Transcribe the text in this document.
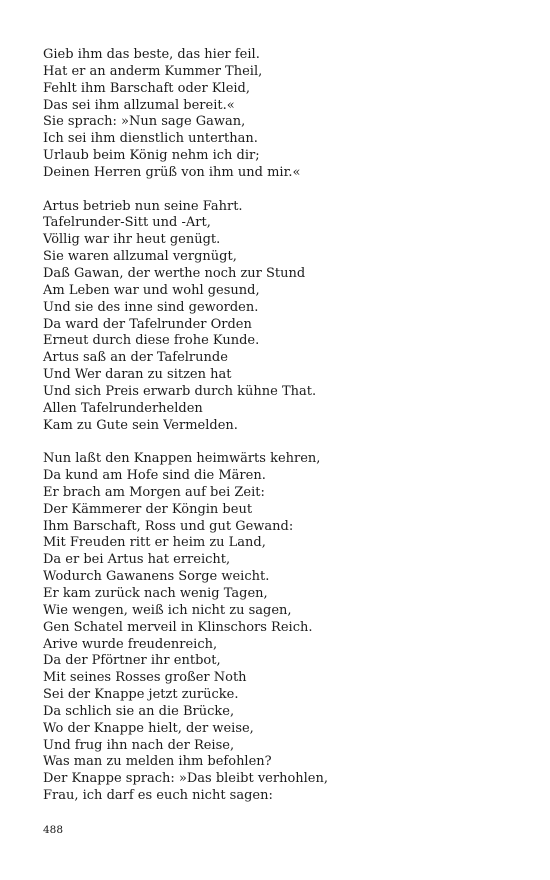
Gieb ihm das beste, das hier feil.
Hat er an anderm Kummer Theil,
Fehlt ihm Barschaft oder Kleid,
Das sei ihm allzumal bereit.«
Sie sprach: »Nun sage Gawan,
Ich sei ihm dienstlich unterthan.
Urlaub beim König nehm ich dir;
Deinen Herren grüß von ihm und mir.«
Artus betrieb nun seine Fahrt.
Tafelrunder-Sitt und -Art,
Völlig war ihr heut genügt.
Sie waren allzumal vergnügt,
Daß Gawan, der werthe noch zur Stund
Am Leben war und wohl gesund,
Und sie des inne sind geworden.
Da ward der Tafelrunder Orden
Erneut durch diese frohe Kunde.
Artus saß an der Tafelrunde
Und Wer daran zu sitzen hat
Und sich Preis erwarb durch kühne That.
Allen Tafelrunderhelden
Kam zu Gute sein Vermelden.
Nun laßt den Knappen heimwärts kehren,
Da kund am Hofe sind die Mären.
Er brach am Morgen auf bei Zeit:
Der Kämmerer der Köngin beut
Ihm Barschaft, Ross und gut Gewand:
Mit Freuden ritt er heim zu Land,
Da er bei Artus hat erreicht,
Wodurch Gawanens Sorge weicht.
Er kam zurück nach wenig Tagen,
Wie wengen, weiß ich nicht zu sagen,
Gen Schatel merveil in Klinschors Reich.
Arive wurde freudenreich,
Da der Pförtner ihr entbot,
Mit seines Rosses großer Noth
Sei der Knappe jetzt zurücke.
Da schlich sie an die Brücke,
Wo der Knappe hielt, der weise,
Und frug ihn nach der Reise,
Was man zu melden ihm befohlen?
Der Knappe sprach: »Das bleibt verhohlen,
Frau, ich darf es euch nicht sagen:
488
